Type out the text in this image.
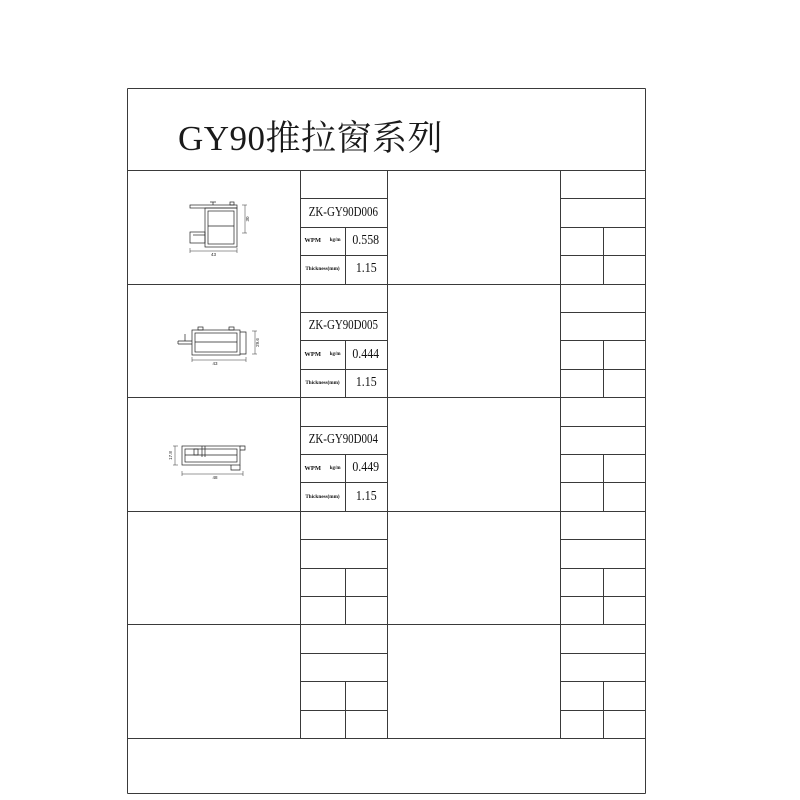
GY90推拉窗系列
43
30	ZK-GY90D006
WPM kg/m 0.558
Thickness(mm) 1.15
43
29.6
ZK-GY90D005
WPM kg/m 0.444
Thickness(mm) 1.15
17.8
48
ZK-GY90D004
WPM kg/m 0.449
Thickness(mm) 1.15
